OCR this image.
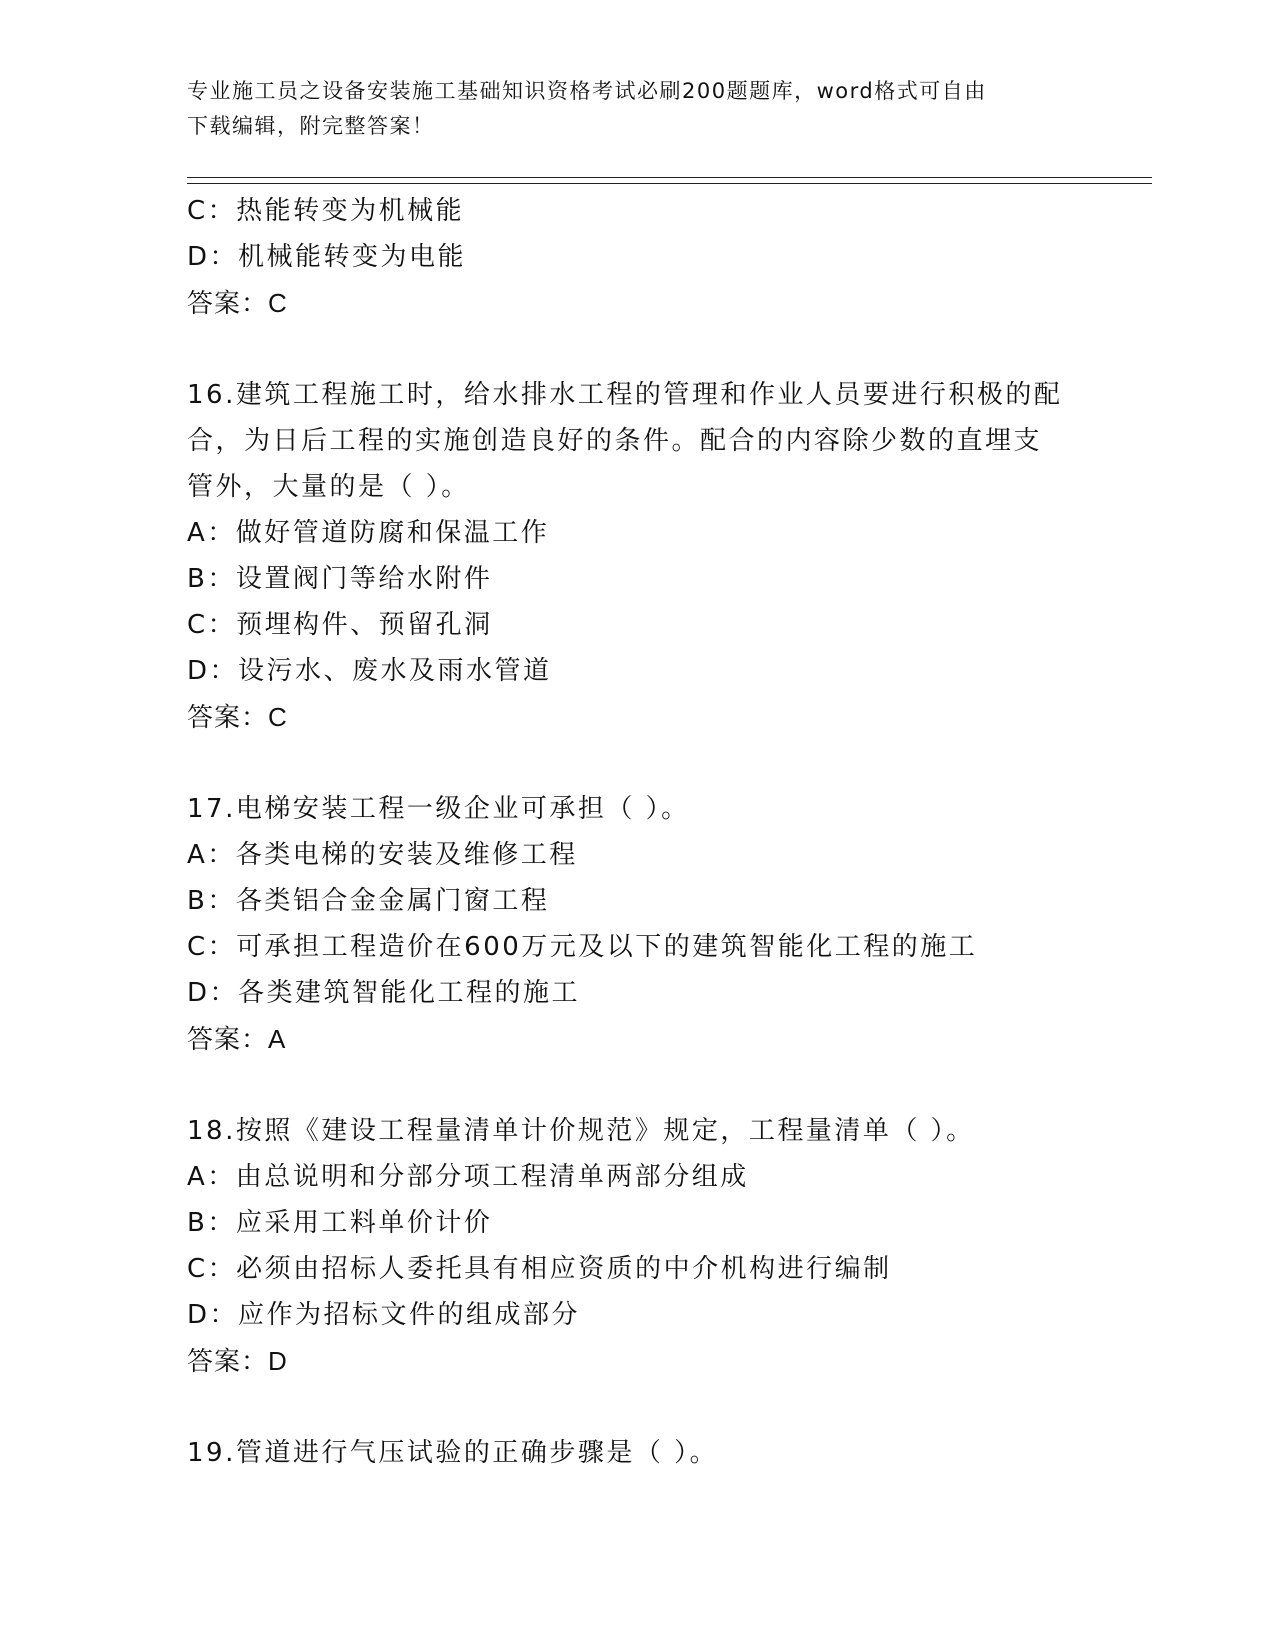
专业施工员之设备安装施工基础知识资格考试必刷200题题库，word格式可自由
下载编辑，附完整答案！
C：热能转变为机械能
D：机械能转变为电能
答案：C
16.建筑工程施工时，给水排水工程的管理和作业人员要进行积极的配
合，为日后工程的实施创造良好的条件。配合的内容除少数的直埋支
管外，大量的是（ ）。
A：做好管道防腐和保温工作
B：设置阀门等给水附件
C：预埋构件、预留孔洞
D：设污水、废水及雨水管道
答案：C
17.电梯安装工程一级企业可承担（ ）。
A：各类电梯的安装及维修工程
B：各类铝合金金属门窗工程
C：可承担工程造价在600万元及以下的建筑智能化工程的施工
D：各类建筑智能化工程的施工
答案：A
18.按照《建设工程量清单计价规范》规定，工程量清单（ ）。
A：由总说明和分部分项工程清单两部分组成
B：应采用工料单价计价
C：必须由招标人委托具有相应资质的中介机构进行编制
D：应作为招标文件的组成部分
答案：D
19.管道进行气压试验的正确步骤是（ ）。
